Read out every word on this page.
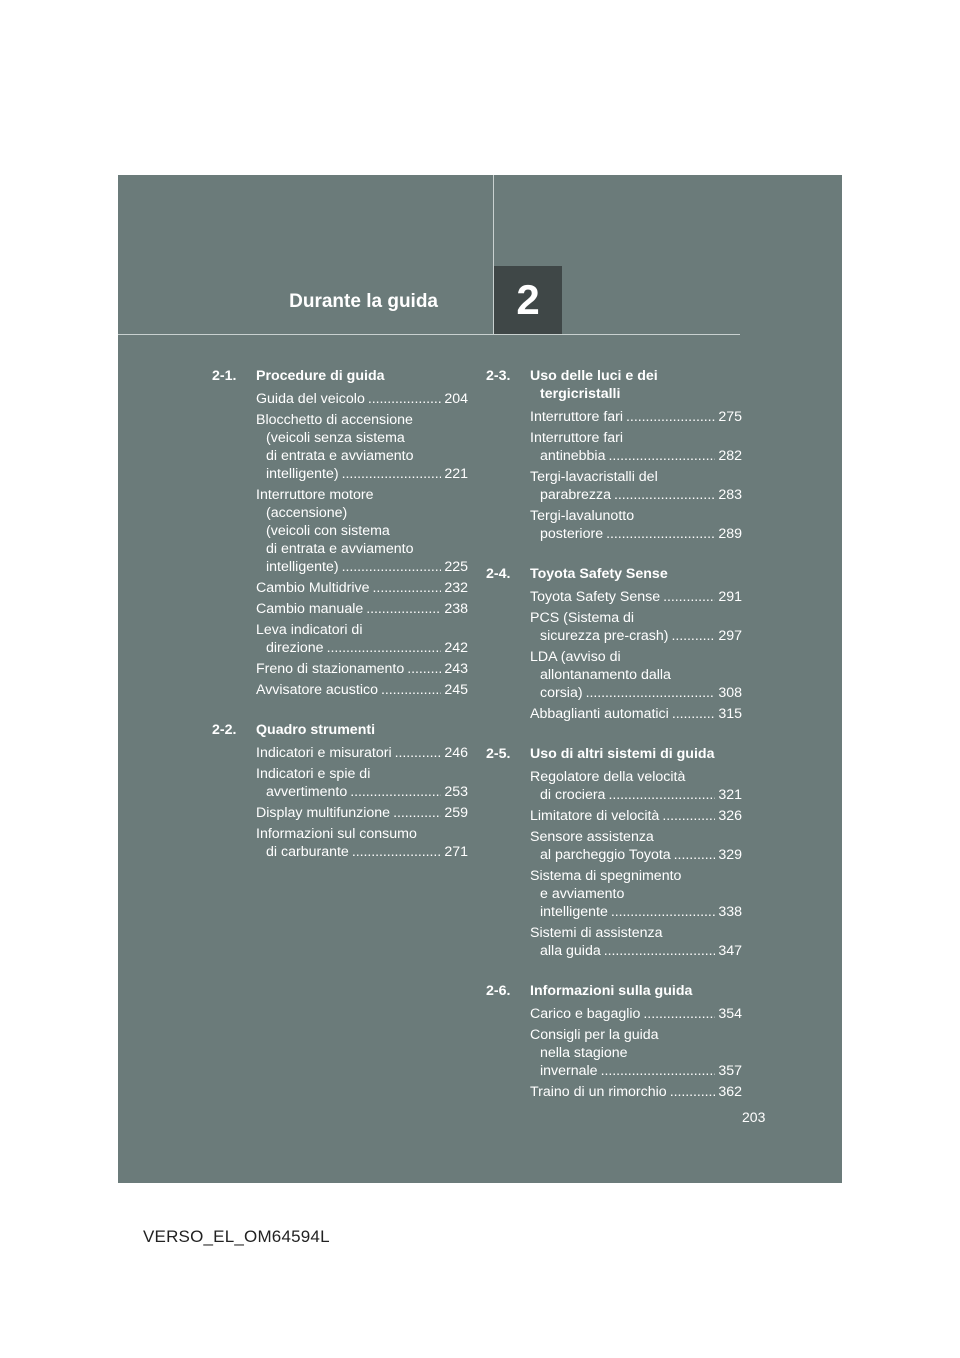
Durante la guida	2
2-1.	Procedure di guida
Guida del veicolo . . .	204
Blocchetto di accensione
(veicoli senza sistema
di entrata e avviamento
intelligente) . . .	221
Interruttore motore
(accensione)
(veicoli con sistema
di entrata e avviamento
intelligente) . . .	225
Cambio Multidrive . . .	232
Cambio manuale . . .	238
Leva indicatori di
direzione . . .	242
Freno di stazionamento . . .	243
Avvisatore acustico . . .	245
2-2.	Quadro strumenti
Indicatori e misuratori . . .	246
Indicatori e spie di
avvertimento . . .	253
Display multifunzione . . .	259
Informazioni sul consumo
di carburante . . .	271
2-3.	Uso delle luci e dei
tergicristalli
Interruttore fari . . .	275
Interruttore fari
antinebbia . . .	282
Tergi-lavacristalli del
parabrezza . . .	283
Tergi-lavalunotto
posteriore . . .	289
2-4.	Toyota Safety Sense
Toyota Safety Sense . . .	291
PCS (Sistema di
sicurezza pre-crash) . . .	297
LDA (avviso di
allontanamento dalla
corsia) . . .	308
Abbaglianti automatici . . .	315
2-5.	Uso di altri sistemi di guida
Regolatore della velocità
di crociera . . .	321
Limitatore di velocità . . .	326
Sensore assistenza
al parcheggio Toyota . . .	329
Sistema di spegnimento
e avviamento
intelligente . . .	338
Sistemi di assistenza
alla guida . . .	347
2-6.	Informazioni sulla guida
Carico e bagaglio . . .	354
Consigli per la guida
nella stagione
invernale . . .	357
Traino di un rimorchio . . .	362
203
VERSO_EL_OM64594L
